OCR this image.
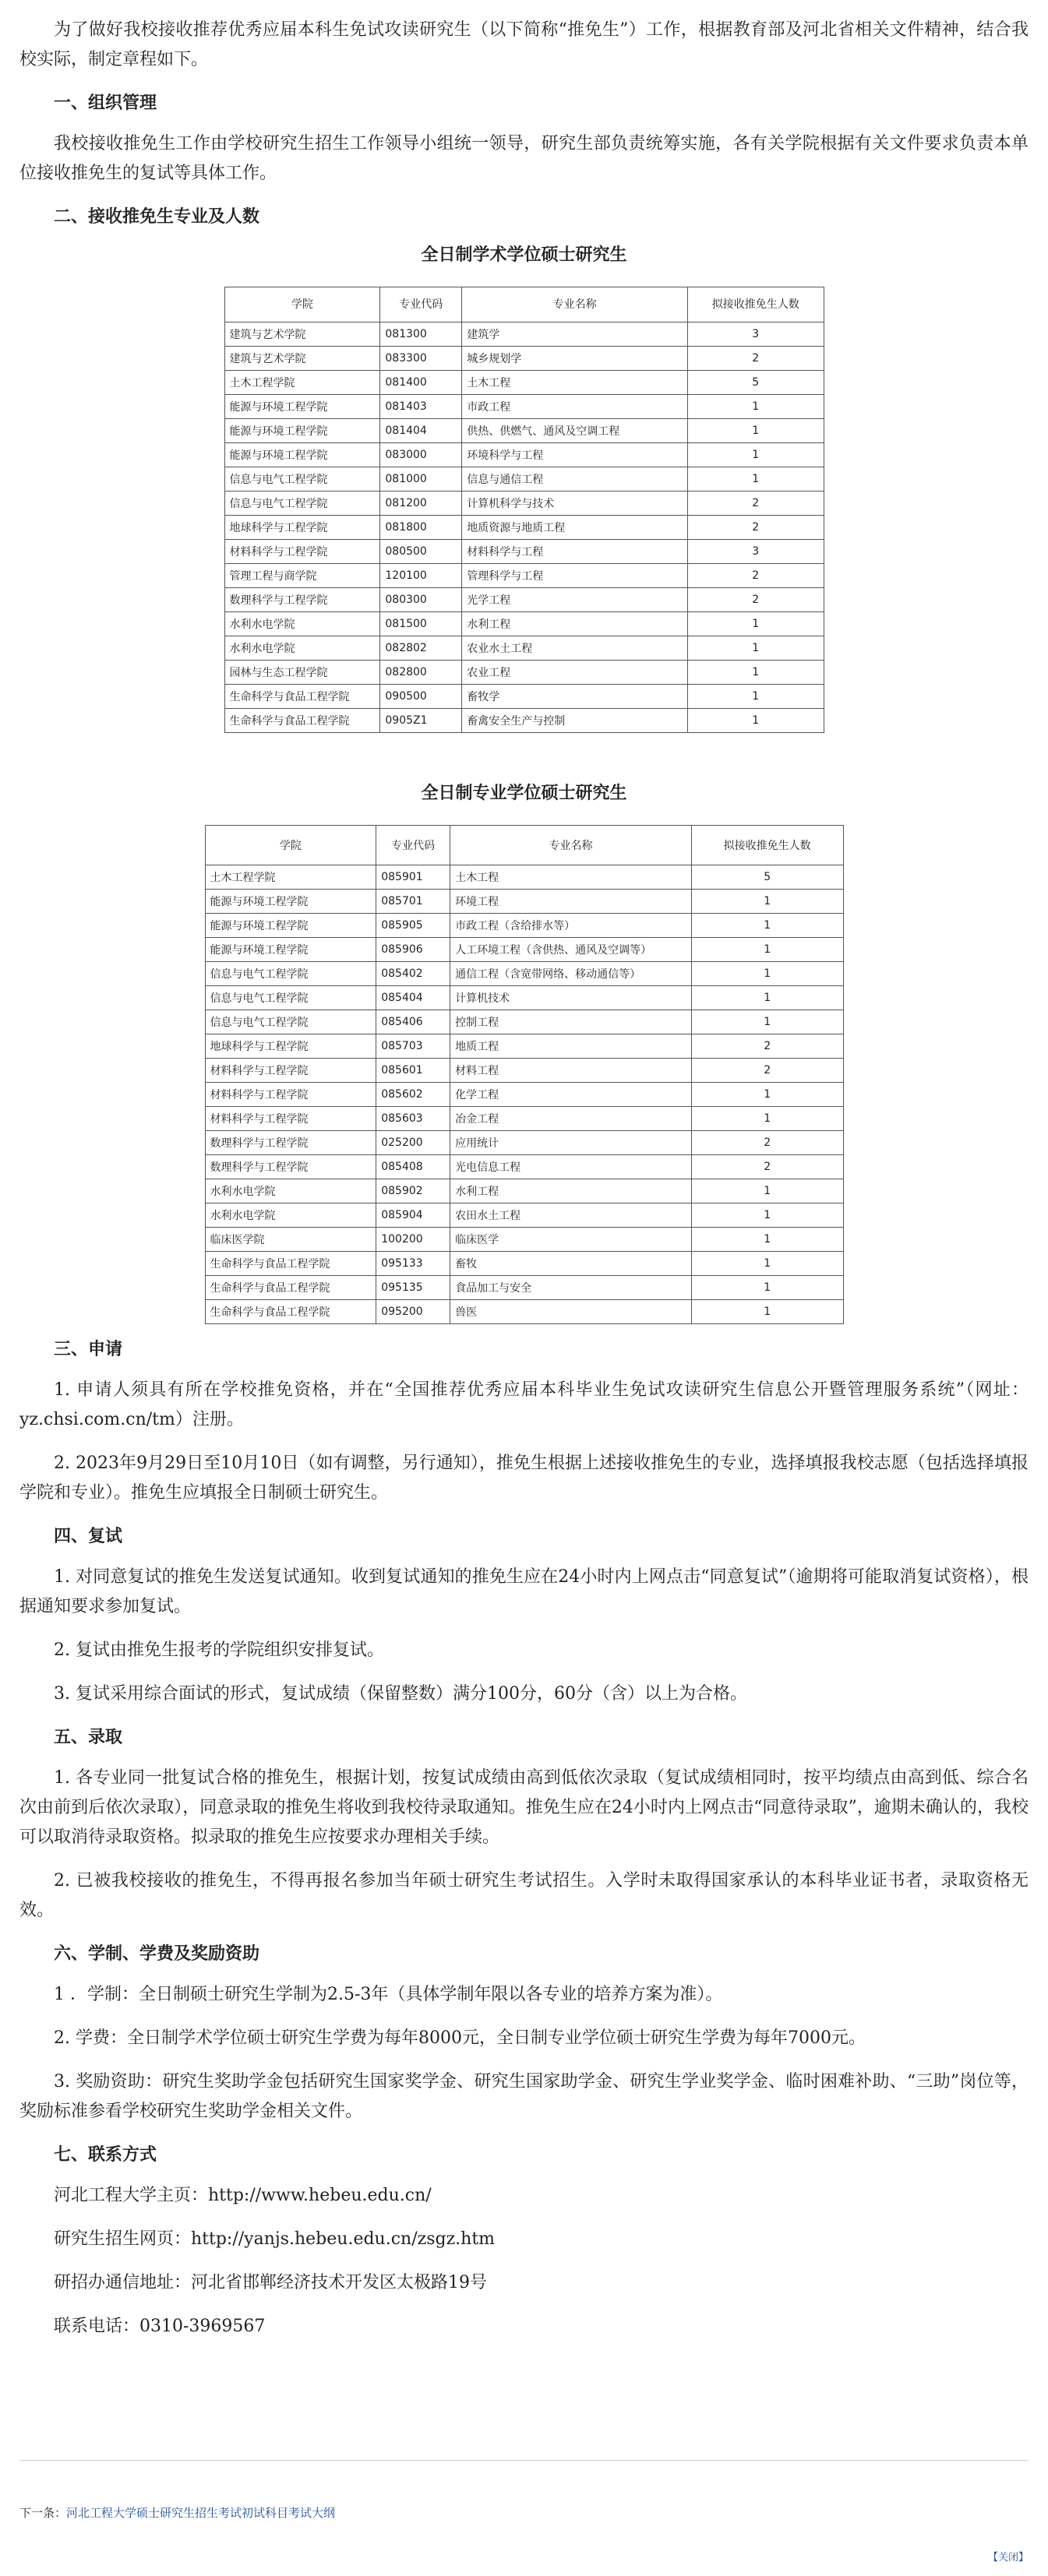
为了做好我校接收推荐优秀应届本科生免试攻读研究生（以下简称“推免生”）工作，根据教育部及河北省相关文件精神，结合我校实际，制定章程如下。

一、组织管理

我校接收推免生工作由学校研究生招生工作领导小组统一领导，研究生部负责统筹实施，各有关学院根据有关文件要求负责本单位接收推免生的复试等具体工作。

二、接收推免生专业及人数
全日制学术学位硕士研究生
学院	专业代码	专业名称	拟接收推免生人数
建筑与艺术学院	081300	建筑学	3
建筑与艺术学院	083300	城乡规划学	2
土木工程学院	081400	土木工程	5
能源与环境工程学院	081403	市政工程	1
能源与环境工程学院	081404	供热、供燃气、通风及空调工程	1
能源与环境工程学院	083000	环境科学与工程	1
信息与电气工程学院	081000	信息与通信工程	1
信息与电气工程学院	081200	计算机科学与技术	2
地球科学与工程学院	081800	地质资源与地质工程	2
材料科学与工程学院	080500	材料科学与工程	3
管理工程与商学院	120100	管理科学与工程	2
数理科学与工程学院	080300	光学工程	2
水利水电学院	081500	水利工程	1
水利水电学院	082802	农业水土工程	1
园林与生态工程学院	082800	农业工程	1
生命科学与食品工程学院	090500	畜牧学	1
生命科学与食品工程学院	0905Z1	畜禽安全生产与控制	1
全日制专业学位硕士研究生
学院	专业代码	专业名称	拟接收推免生人数
土木工程学院	085901	土木工程	5
能源与环境工程学院	085701	环境工程	1
能源与环境工程学院	085905	市政工程（含给排水等）	1
能源与环境工程学院	085906	人工环境工程（含供热、通风及空调等）	1
信息与电气工程学院	085402	通信工程（含宽带网络、移动通信等）	1
信息与电气工程学院	085404	计算机技术	1
信息与电气工程学院	085406	控制工程	1
地球科学与工程学院	085703	地质工程	2
材料科学与工程学院	085601	材料工程	2
材料科学与工程学院	085602	化学工程	1
材料科学与工程学院	085603	冶金工程	1
数理科学与工程学院	025200	应用统计	2
数理科学与工程学院	085408	光电信息工程	2
水利水电学院	085902	水利工程	1
水利水电学院	085904	农田水土工程	1
临床医学院	100200	临床医学	1
生命科学与食品工程学院	095133	畜牧	1
生命科学与食品工程学院	095135	食品加工与安全	1
生命科学与食品工程学院	095200	兽医	1
三、申请

1. 申请人须具有所在学校推免资格，并在“全国推荐优秀应届本科毕业生免试攻读研究生信息公开暨管理服务系统”（网址：yz.chsi.com.cn/tm）注册。

2. 2023年9月29日至10月10日（如有调整，另行通知），推免生根据上述接收推免生的专业，选择填报我校志愿（包括选择填报学院和专业）。推免生应填报全日制硕士研究生。

四、复试

1. 对同意复试的推免生发送复试通知。收到复试通知的推免生应在24小时内上网点击“同意复试”（逾期将可能取消复试资格），根据通知要求参加复试。

2. 复试由推免生报考的学院组织安排复试。

3. 复试采用综合面试的形式，复试成绩（保留整数）满分100分，60分（含）以上为合格。

五、录取

1. 各专业同一批复试合格的推免生，根据计划，按复试成绩由高到低依次录取（复试成绩相同时，按平均绩点由高到低、综合名次由前到后依次录取），同意录取的推免生将收到我校待录取通知。推免生应在24小时内上网点击“同意待录取”，逾期未确认的，我校可以取消待录取资格。拟录取的推免生应按要求办理相关手续。

2. 已被我校接收的推免生，不得再报名参加当年硕士研究生考试招生。入学时未取得国家承认的本科毕业证书者，录取资格无效。

六、学制、学费及奖励资助

1 ．学制：全日制硕士研究生学制为2.5-3年（具体学制年限以各专业的培养方案为准）。

2. 学费：全日制学术学位硕士研究生学费为每年8000元，全日制专业学位硕士研究生学费为每年7000元。

3. 奖励资助：研究生奖助学金包括研究生国家奖学金、研究生国家助学金、研究生学业奖学金、临时困难补助、“三助”岗位等，奖励标准参看学校研究生奖助学金相关文件。

七、联系方式

河北工程大学主页：http://www.hebeu.edu.cn/

研究生招生网页：http://yanjs.hebeu.edu.cn/zsgz.htm

研招办通信地址：河北省邯郸经济技术开发区太极路19号

联系电话：0310-3969567

下一条：河北工程大学硕士研究生招生考试初试科目考试大纲
【关闭】
